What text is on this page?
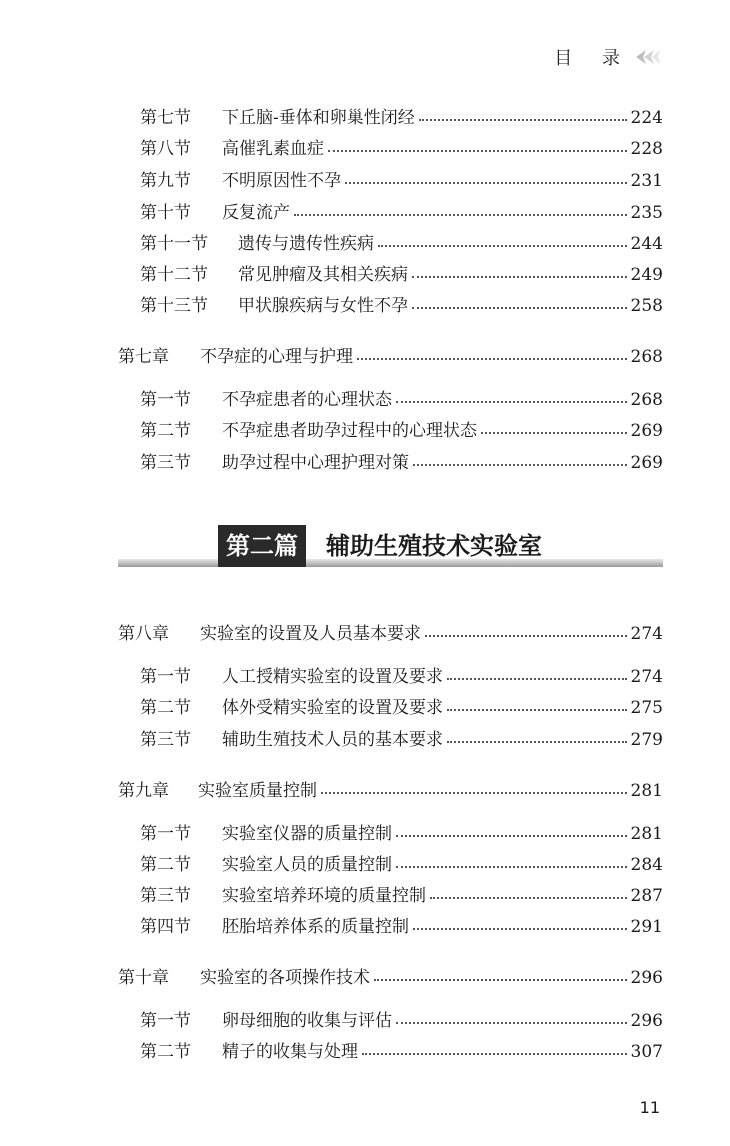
目 录
第七节	下丘脑-垂体和卵巢性闭经	224
第八节	高催乳素血症	228
第九节	不明原因性不孕	231
第十节	反复流产	235
第十一节	遗传与遗传性疾病	244
第十二节	常见肿瘤及其相关疾病	249
第十三节	甲状腺疾病与女性不孕	258
第七章	不孕症的心理与护理	268
第一节	不孕症患者的心理状态	268
第二节	不孕症患者助孕过程中的心理状态	269
第三节	助孕过程中心理护理对策	269
第二篇	辅助生殖技术实验室
第八章	实验室的设置及人员基本要求	274
第一节	人工授精实验室的设置及要求	274
第二节	体外受精实验室的设置及要求	275
第三节	辅助生殖技术人员的基本要求	279
第九章	实验室质量控制	281
第一节	实验室仪器的质量控制	281
第二节	实验室人员的质量控制	284
第三节	实验室培养环境的质量控制	287
第四节	胚胎培养体系的质量控制	291
第十章	实验室的各项操作技术	296
第一节	卵母细胞的收集与评估	296
第二节	精子的收集与处理	307
11
